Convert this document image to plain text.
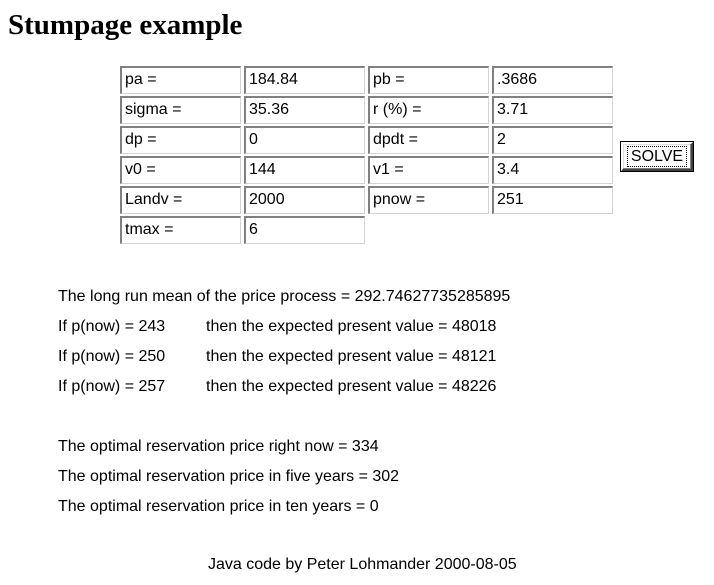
Stumpage example
pa =	184.84	pb =	.3686
sigma =	35.36	r (%) =	3.71
dp =	0	dpdt =	2
v0 =	144	v1 =	3.4
Landv =	2000	pnow =	251
tmax =	6
SOLVE
The long run mean of the price process = 292.74627735285895
If p(now) = 243	then the expected present value = 48018
If p(now) = 250	then the expected present value = 48121
If p(now) = 257	then the expected present value = 48226
The optimal reservation price right now = 334
The optimal reservation price in five years = 302
The optimal reservation price in ten years = 0
Java code by Peter Lohmander 2000-08-05
